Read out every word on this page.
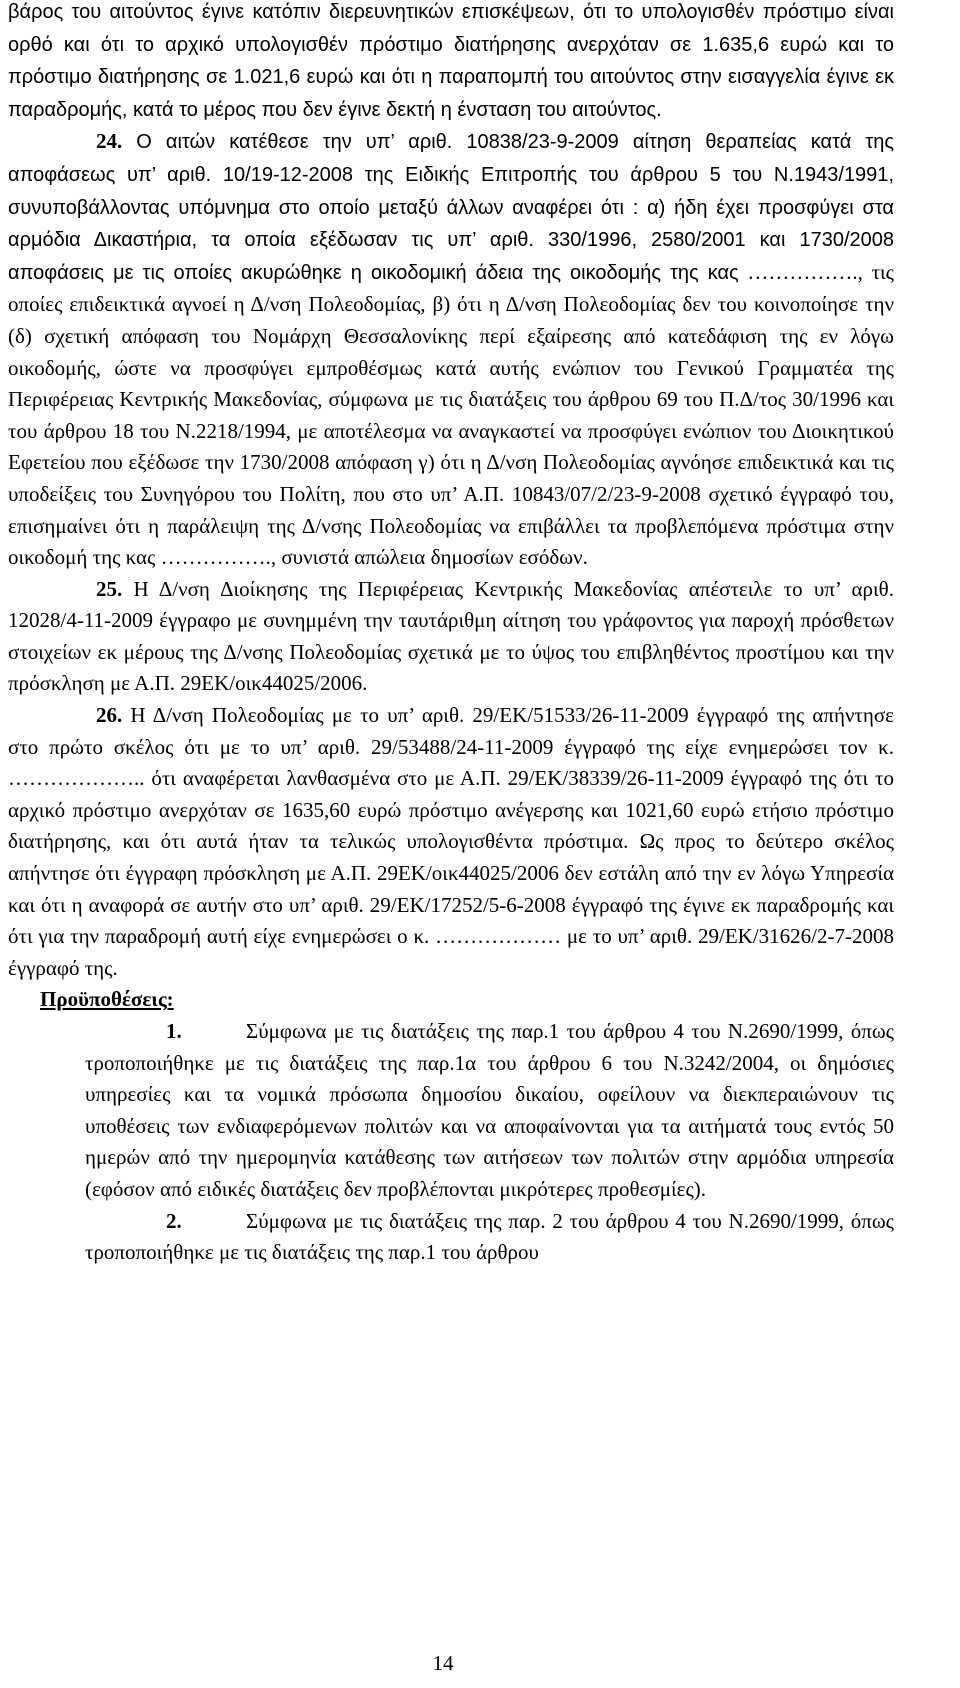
βάρος του αιτούντος έγινε κατόπιν διερευνητικών επισκέψεων, ότι το υπολογισθέν πρόστιμο είναι ορθό και ότι το αρχικό υπολογισθέν πρόστιμο διατήρησης ανερχόταν σε 1.635,6 ευρώ και το πρόστιμο διατήρησης σε 1.021,6 ευρώ και ότι η παραπομπή του αιτούντος στην εισαγγελία έγινε εκ παραδρομής, κατά το μέρος που δεν έγινε δεκτή η ένσταση του αιτούντος.

24. Ο αιτών κατέθεσε την υπ’ αριθ. 10838/23-9-2009 αίτηση θεραπείας κατά της αποφάσεως υπ’ αριθ. 10/19-12-2008 της Ειδικής Επιτροπής του άρθρου 5 του Ν.1943/1991, συνυποβάλλοντας υπόμνημα στο οποίο μεταξύ άλλων αναφέρει ότι : α) ήδη έχει προσφύγει στα αρμόδια Δικαστήρια, τα οποία εξέδωσαν τις υπ’ αριθ. 330/1996, 2580/2001 και 1730/2008 αποφάσεις με τις οποίες ακυρώθηκε η οικοδομική άδεια της οικοδομής της κας ……………., τις οποίες επιδεικτικά αγνοεί η Δ/νση Πολεοδομίας, β) ότι η Δ/νση Πολεοδομίας δεν του κοινοποίησε την (δ) σχετική απόφαση του Νομάρχη Θεσσαλονίκης περί εξαίρεσης από κατεδάφιση της εν λόγω οικοδομής, ώστε να προσφύγει εμπροθέσμως κατά αυτής ενώπιον του Γενικού Γραμματέα της Περιφέρειας Κεντρικής Μακεδονίας, σύμφωνα με τις διατάξεις του άρθρου 69 του Π.Δ/τος 30/1996 και του άρθρου 18 του Ν.2218/1994, με αποτέλεσμα να αναγκαστεί να προσφύγει ενώπιον του Διοικητικού Εφετείου που εξέδωσε την 1730/2008 απόφαση γ) ότι η Δ/νση Πολεοδομίας αγνόησε επιδεικτικά και τις υποδείξεις του Συνηγόρου του Πολίτη, που στο υπ’ Α.Π. 10843/07/2/23-9-2008 σχετικό έγγραφό του, επισημαίνει ότι η παράλειψη της Δ/νσης Πολεοδομίας να επιβάλλει τα προβλεπόμενα πρόστιμα στην οικοδομή της κας ……………., συνιστά απώλεια δημοσίων εσόδων.

25. Η Δ/νση Διοίκησης της Περιφέρειας Κεντρικής Μακεδονίας απέστειλε το υπ’ αριθ. 12028/4-11-2009 έγγραφο με συνημμένη την ταυτάριθμη αίτηση του γράφοντος για παροχή πρόσθετων στοιχείων εκ μέρους της Δ/νσης Πολεοδομίας σχετικά με το ύψος του επιβληθέντος προστίμου και την πρόσκληση με Α.Π. 29ΕΚ/οικ44025/2006.

26. Η Δ/νση Πολεοδομίας με το υπ’ αριθ. 29/ΕΚ/51533/26-11-2009 έγγραφό της απήντησε στο πρώτο σκέλος ότι με το υπ’ αριθ. 29/53488/24-11-2009 έγγραφό της είχε ενημερώσει τον κ. ……………….. ότι αναφέρεται λανθασμένα στο με Α.Π. 29/ΕΚ/38339/26-11-2009 έγγραφό της ότι το αρχικό πρόστιμο ανερχόταν σε 1635,60 ευρώ πρόστιμο ανέγερσης και 1021,60 ευρώ ετήσιο πρόστιμο διατήρησης, και ότι αυτά ήταν τα τελικώς υπολογισθέντα πρόστιμα. Ως προς το δεύτερο σκέλος απήντησε ότι έγγραφη πρόσκληση με Α.Π. 29ΕΚ/οικ44025/2006 δεν εστάλη από την εν λόγω Υπηρεσία και ότι η αναφορά σε αυτήν στο υπ’ αριθ. 29/ΕΚ/17252/5-6-2008 έγγραφό της έγινε εκ παραδρομής και ότι για την παραδρομή αυτή είχε ενημερώσει ο κ. ……………… με το υπ’ αριθ. 29/ΕΚ/31626/2-7-2008 έγγραφό της.

Προϋποθέσεις:

1.	Σύμφωνα με τις διατάξεις της παρ.1 του άρθρου 4 του Ν.2690/1999, όπως τροποποιήθηκε με τις διατάξεις της παρ.1α του άρθρου 6 του Ν.3242/2004, οι δημόσιες υπηρεσίες και τα νομικά πρόσωπα δημοσίου δικαίου, οφείλουν να διεκπεραιώνουν τις υποθέσεις των ενδιαφερόμενων πολιτών και να αποφαίνονται για τα αιτήματά τους εντός 50 ημερών από την ημερομηνία κατάθεσης των αιτήσεων των πολιτών στην αρμόδια υπηρεσία (εφόσον από ειδικές διατάξεις δεν προβλέπονται μικρότερες προθεσμίες).

2.	Σύμφωνα με τις διατάξεις της παρ. 2 του άρθρου 4 του Ν.2690/1999, όπως τροποποιήθηκε με τις διατάξεις της παρ.1 του άρθρου

14
